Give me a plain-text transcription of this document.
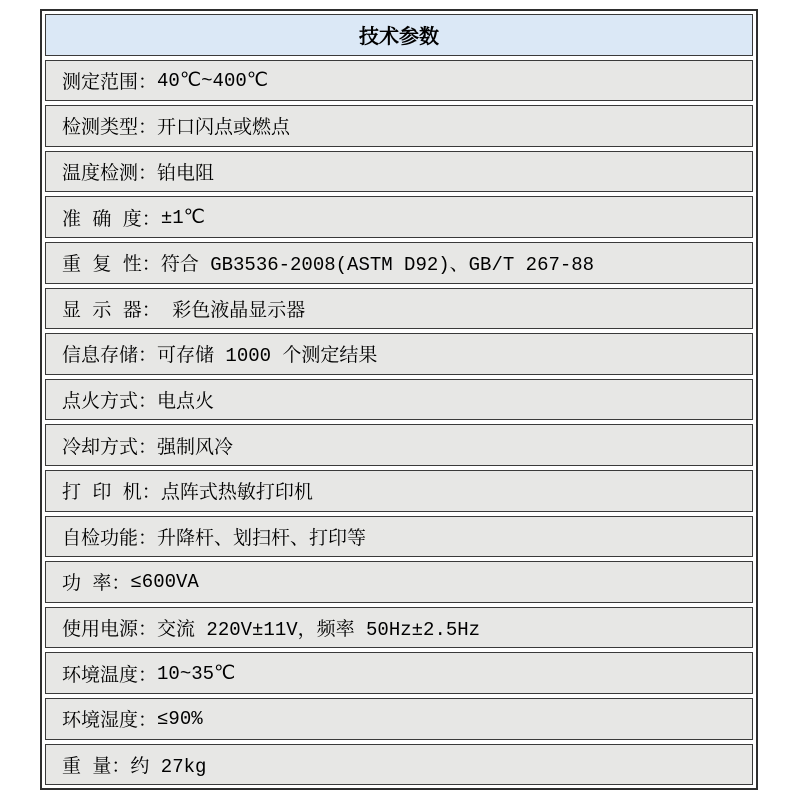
技术参数
测定范围： 40℃~400℃
检测类型： 开口闪点或燃点
温度检测： 铂电阻
准 确 度： ±1℃
重 复 性： 符合 GB3536-2008(ASTM D92)、GB/T 267-88
显 示 器： 彩色液晶显示器
信息存储： 可存储 1000 个测定结果
点火方式： 电点火
冷却方式： 强制风冷
打 印 机： 点阵式热敏打印机
自检功能： 升降杆、划扫杆、打印等
功 率： ≤600VA
使用电源： 交流 220V±11V，频率 50Hz±2.5Hz
环境温度： 10~35℃
环境湿度： ≤90%
重 量： 约 27kg
